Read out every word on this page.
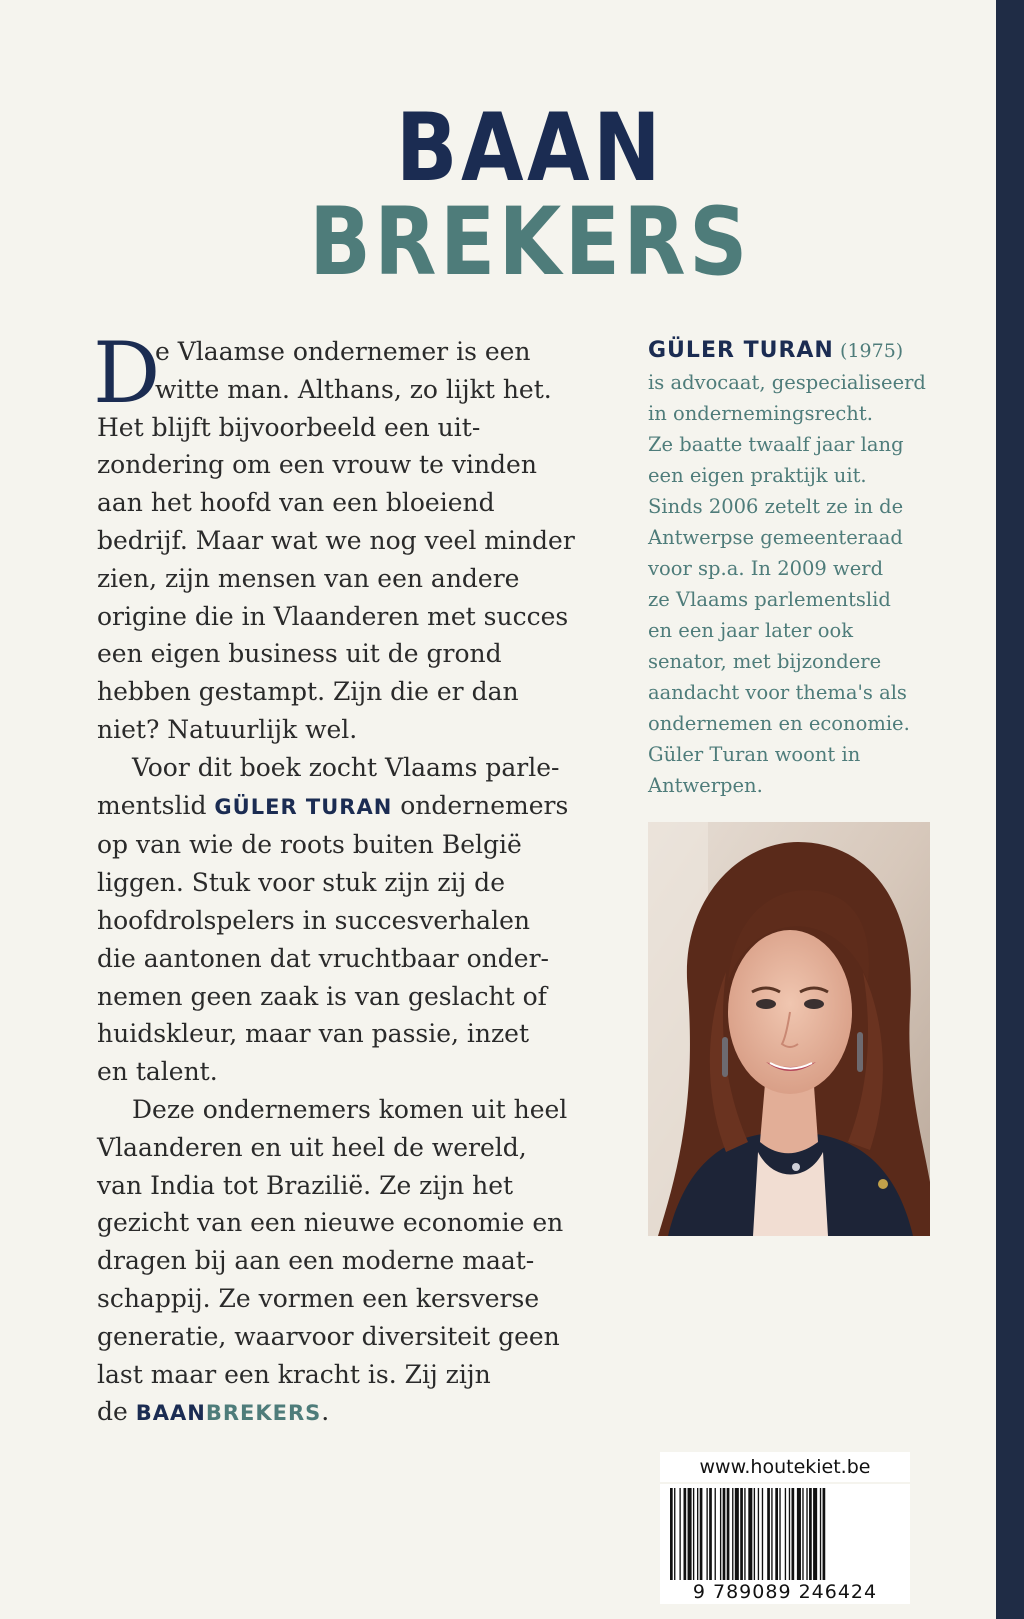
BAAN
BREKERS

D
e Vlaamse ondernemer is een
witte man. Althans, zo lijkt het.
Het blijft bijvoorbeeld een uit-
zondering om een vrouw te vinden
aan het hoofd van een bloeiend
bedrijf. Maar wat we nog veel minder
zien, zijn mensen van een andere
origine die in Vlaanderen met succes
een eigen business uit de grond
hebben gestampt. Zijn die er dan
niet? Natuurlijk wel.

Voor dit boek zocht Vlaams parle-
mentslid GÜLER TURAN ondernemers
op van wie de roots buiten België
liggen. Stuk voor stuk zijn zij de
hoofdrolspelers in succesverhalen
die aantonen dat vruchtbaar onder-
nemen geen zaak is van geslacht of
huidskleur, maar van passie, inzet
en talent.

Deze ondernemers komen uit heel
Vlaanderen en uit heel de wereld,
van India tot Brazilië. Ze zijn het
gezicht van een nieuwe economie en
dragen bij aan een moderne maat-
schappij. Ze vormen een kersverse
generatie, waarvoor diversiteit geen
last maar een kracht is. Zij zijn
de BAANBREKERS.

GÜLER TURAN (1975)
is advocaat, gespecialiseerd
in ondernemingsrecht.
Ze baatte twaalf jaar lang
een eigen praktijk uit.
Sinds 2006 zetelt ze in de
Antwerpse gemeenteraad
voor sp.a. In 2009 werd
ze Vlaams parlementslid
en een jaar later ook
senator, met bijzondere
aandacht voor thema's als
ondernemen en economie.
Güler Turan woont in
Antwerpen.
www.houtekiet.be
9 789089 246424
